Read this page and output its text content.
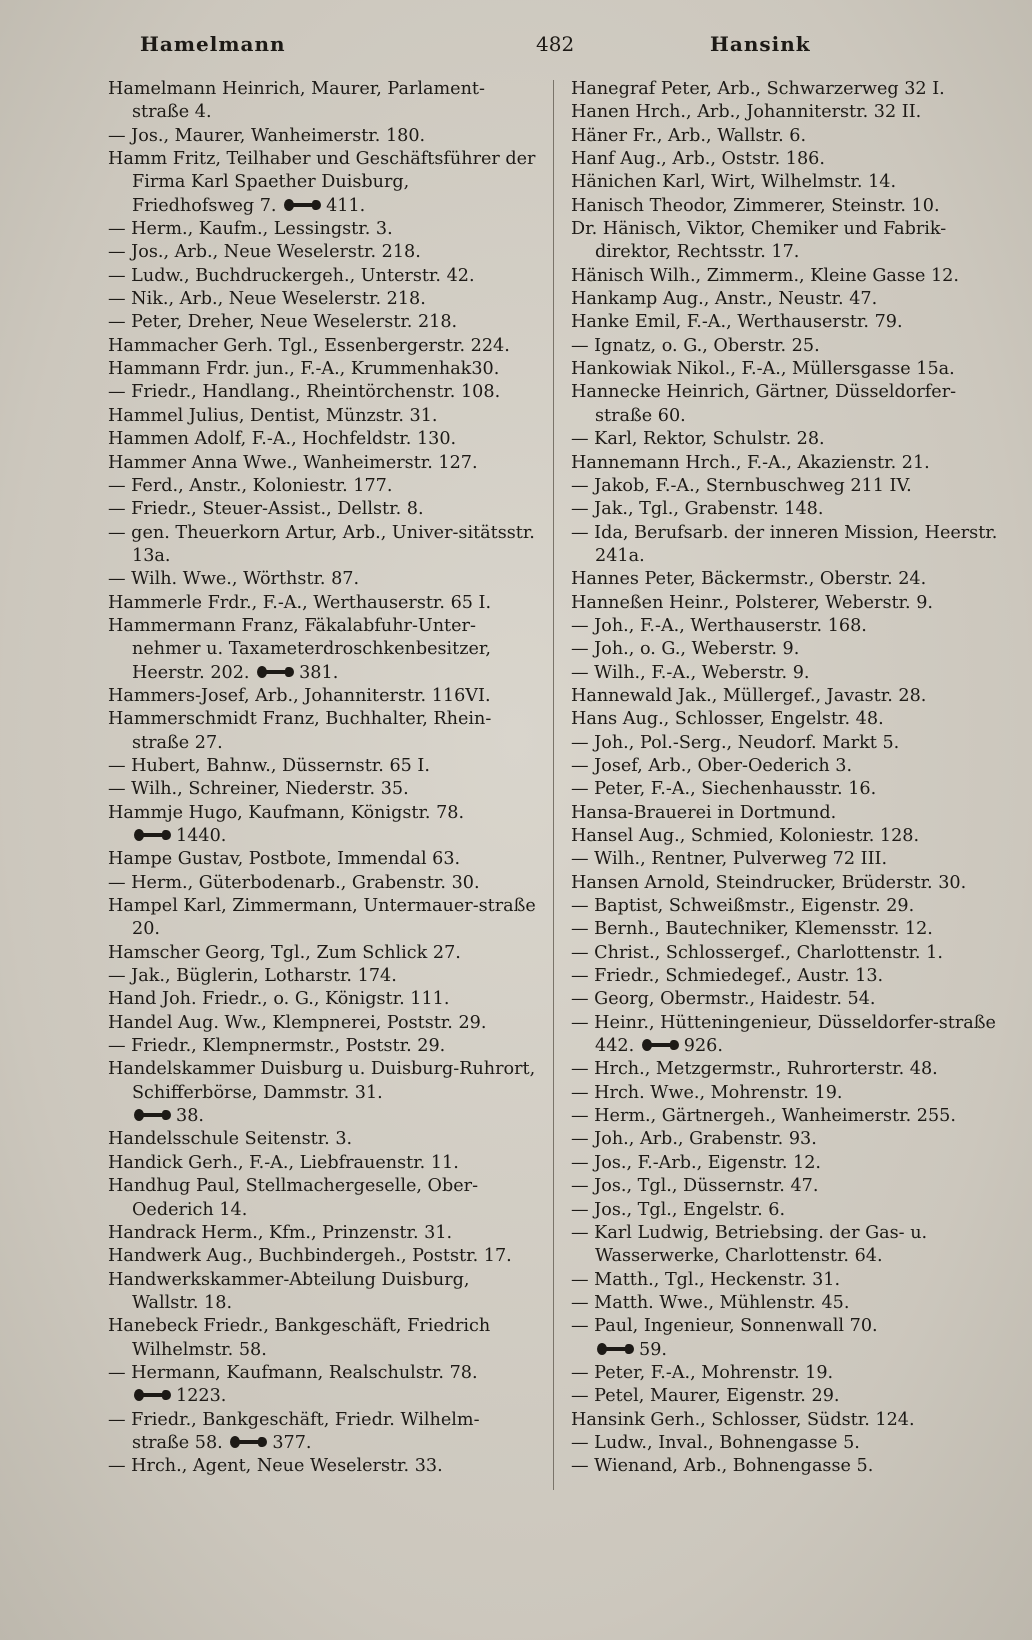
Hamelmann	482	Hansink
Hamelmann Heinrich, Maurer, Parlament-straße 4.
— Jos., Maurer, Wanheimerstr. 180.
Hamm Fritz, Teilhaber und Geschäftsführer der Firma Karl Spaether Duisburg, Friedhofsweg 7.	411.
— Herm., Kaufm., Lessingstr. 3.
— Jos., Arb., Neue Weselerstr. 218.
— Ludw., Buchdruckergeh., Unterstr. 42.
— Nik., Arb., Neue Weselerstr. 218.
— Peter, Dreher, Neue Weselerstr. 218.
Hammacher Gerh. Tgl., Essenbergerstr. 224.
Hammann Frdr. jun., F.-A., Krummenhak30.
— Friedr., Handlang., Rheintörchenstr. 108.
Hammel Julius, Dentist, Münzstr. 31.
Hammen Adolf, F.-A., Hochfeldstr. 130.
Hammer Anna Wwe., Wanheimerstr. 127.
— Ferd., Anstr., Koloniestr. 177.
— Friedr., Steuer-Assist., Dellstr. 8.
— gen. Theuerkorn Artur, Arb., Univer-sitätsstr. 13a.
— Wilh. Wwe., Wörthstr. 87.
Hammerle Frdr., F.-A., Werthauserstr. 65 I.
Hammermann Franz, Fäkalabfuhr-Unter-nehmer u. Taxameterdroschkenbesitzer, Heerstr. 202.	381.
Hammers-Josef, Arb., Johanniterstr. 116VI.
Hammerschmidt Franz, Buchhalter, Rhein-straße 27.
— Hubert, Bahnw., Düssernstr. 65 I.
— Wilh., Schreiner, Niederstr. 35.
Hammje Hugo, Kaufmann, Königstr. 78.

1440.
Hampe Gustav, Postbote, Immendal 63.
— Herm., Güterbodenarb., Grabenstr. 30.
Hampel Karl, Zimmermann, Untermauer-straße 20.
Hamscher Georg, Tgl., Zum Schlick 27.
— Jak., Büglerin, Lotharstr. 174.
Hand Joh. Friedr., o. G., Königstr. 111.
Handel Aug. Ww., Klempnerei, Poststr. 29.
— Friedr., Klempnermstr., Poststr. 29.
Handelskammer Duisburg u. Duisburg-Ruhrort, Schifferbörse, Dammstr. 31.

38.
Handelsschule Seitenstr. 3.
Handick Gerh., F.-A., Liebfrauenstr. 11.
Handhug Paul, Stellmachergeselle, Ober-Oederich 14.
Handrack Herm., Kfm., Prinzenstr. 31.
Handwerk Aug., Buchbindergeh., Poststr. 17.
Handwerkskammer-Abteilung Duisburg, Wallstr. 18.
Hanebeck Friedr., Bankgeschäft, Friedrich Wilhelmstr. 58.
— Hermann, Kaufmann, Realschulstr. 78.

1223.
— Friedr., Bankgeschäft, Friedr. Wilhelm-straße 58.	377.
— Hrch., Agent, Neue Weselerstr. 33.
Hanegraf Peter, Arb., Schwarzerweg 32 I.
Hanen Hrch., Arb., Johanniterstr. 32 II.
Häner Fr., Arb., Wallstr. 6.
Hanf Aug., Arb., Oststr. 186.
Hänichen Karl, Wirt, Wilhelmstr. 14.
Hanisch Theodor, Zimmerer, Steinstr. 10.
Dr. Hänisch, Viktor, Chemiker und Fabrik-direktor, Rechtsstr. 17.
Hänisch Wilh., Zimmerm., Kleine Gasse 12.
Hankamp Aug., Anstr., Neustr. 47.
Hanke Emil, F.-A., Werthauserstr. 79.
— Ignatz, o. G., Oberstr. 25.
Hankowiak Nikol., F.-A., Müllersgasse 15a.
Hannecke Heinrich, Gärtner, Düsseldorfer-straße 60.
— Karl, Rektor, Schulstr. 28.
Hannemann Hrch., F.-A., Akazienstr. 21.
— Jakob, F.-A., Sternbuschweg 211 IV.
— Jak., Tgl., Grabenstr. 148.
— Ida, Berufsarb. der inneren Mission, Heerstr. 241a.
Hannes Peter, Bäckermstr., Oberstr. 24.
Hanneßen Heinr., Polsterer, Weberstr. 9.
— Joh., F.-A., Werthauserstr. 168.
— Joh., o. G., Weberstr. 9.
— Wilh., F.-A., Weberstr. 9.
Hannewald Jak., Müllergef., Javastr. 28.
Hans Aug., Schlosser, Engelstr. 48.
— Joh., Pol.-Serg., Neudorf. Markt 5.
— Josef, Arb., Ober-Oederich 3.
— Peter, F.-A., Siechenhausstr. 16.
Hansa-Brauerei in Dortmund.
Hansel Aug., Schmied, Koloniestr. 128.
— Wilh., Rentner, Pulverweg 72 III.
Hansen Arnold, Steindrucker, Brüderstr. 30.
— Baptist, Schweißmstr., Eigenstr. 29.
— Bernh., Bautechniker, Klemensstr. 12.
— Christ., Schlossergef., Charlottenstr. 1.
— Friedr., Schmiedegef., Austr. 13.
— Georg, Obermstr., Haidestr. 54.
— Heinr., Hütteningenieur, Düsseldorfer-straße 442.	926.
— Hrch., Metzgermstr., Ruhrorterstr. 48.
— Hrch. Wwe., Mohrenstr. 19.
— Herm., Gärtnergeh., Wanheimerstr. 255.
— Joh., Arb., Grabenstr. 93.
— Jos., F.-Arb., Eigenstr. 12.
— Jos., Tgl., Düssernstr. 47.
— Jos., Tgl., Engelstr. 6.
— Karl Ludwig, Betriebsing. der Gas- u. Wasserwerke, Charlottenstr. 64.
— Matth., Tgl., Heckenstr. 31.
— Matth. Wwe., Mühlenstr. 45.
— Paul, Ingenieur, Sonnenwall 70.

59.
— Peter, F.-A., Mohrenstr. 19.
— Petel, Maurer, Eigenstr. 29.
Hansink Gerh., Schlosser, Südstr. 124.
— Ludw., Inval., Bohnengasse 5.
— Wienand, Arb., Bohnengasse 5.
